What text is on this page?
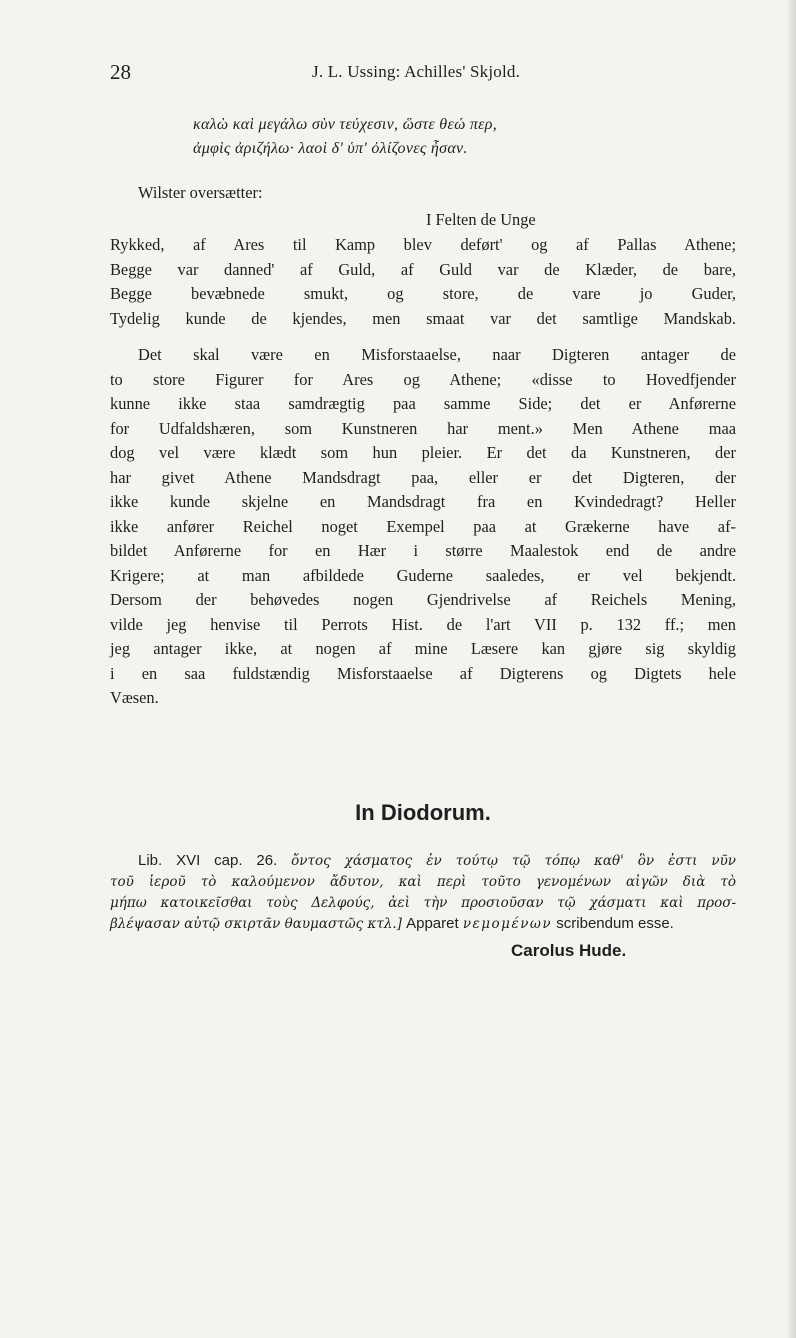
28	J. L. Ussing: Achilles' Skjold.
καλὼ καὶ μεγάλω σὺν τεύχεσιν, ὥστε θεώ περ,
ἀμφὶς ἀριζήλω· λαοὶ δ' ὑπ' ὀλίζονες ἦσαν.
Wilster oversætter:
I Felten de Unge
Rykked, af Ares til Kamp blev deført' og af Pallas Athene;
Begge var danned' af Guld, af Guld var de Klæder, de bare,
Begge bevæbnede smukt, og store, de vare jo Guder,
Tydelig kunde de kjendes, men smaat var det samtlige Mandskab.
Det skal være en Misforstaaelse, naar Digteren antager de
to store Figurer for Ares og Athene; «disse to Hovedfjender
kunne ikke staa samdrægtig paa samme Side; det er Anførerne
for Udfaldshæren, som Kunstneren har ment.» Men Athene maa
dog vel være klædt som hun pleier. Er det da Kunstneren, der
har givet Athene Mandsdragt paa, eller er det Digteren, der
ikke kunde skjelne en Mandsdragt fra en Kvindedragt? Heller
ikke anfører Reichel noget Exempel paa at Grækerne have af-
bildet Anførerne for en Hær i større Maalestok end de andre
Krigere; at man afbildede Guderne saaledes, er vel bekjendt.
Dersom der behøvedes nogen Gjendrivelse af Reichels Mening,
vilde jeg henvise til Perrots Hist. de l'art VII p. 132 ff.; men
jeg antager ikke, at nogen af mine Læsere kan gjøre sig skyldig
i en saa fuldstændig Misforstaaelse af Digterens og Digtets hele
Væsen.
In Diodorum.
Lib. XVI cap. 26. ὄντος χάσματος ἐν τούτῳ τῷ τόπῳ καθ' ὃν ἐστι νῦν
τοῦ ἱεροῦ τὸ καλούμενον ἄδυτον, καὶ περὶ τοῦτο γενομένων αἰγῶν διὰ τὸ
μήπω κατοικεῖσθαι τοὺς Δελφούς, ἀεὶ τὴν προσιοῦσαν τῷ χάσματι καὶ προσ-
βλέψασαν αὐτῷ σκιρτᾶν θαυμαστῶς κτλ.] Apparet νεμομένων scribendum esse.
Carolus Hude.
